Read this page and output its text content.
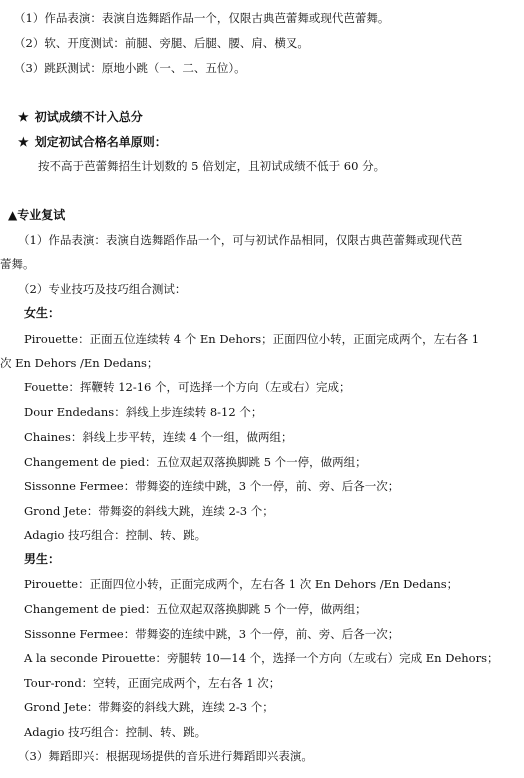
（1）作品表演：表演自选舞蹈作品一个，仅限古典芭蕾舞或现代芭蕾舞。
（2）软、开度测试：前腿、旁腿、后腿、腰、肩、横叉。
（3）跳跃测试：原地小跳（一、二、五位）。
★ 初试成绩不计入总分
★ 划定初试合格名单原则：
按不高于芭蕾舞招生计划数的 5 倍划定，且初试成绩不低于 60 分。
▲专业复试
（1）作品表演：表演自选舞蹈作品一个，可与初试作品相同，仅限古典芭蕾舞或现代芭
蕾舞。
（2）专业技巧及技巧组合测试：
女生：
Pirouette：正面五位连续转 4 个 En Dehors；正面四位小转，正面完成两个，左右各 1
次 En Dehors /En Dedans；
Fouette：挥鞭转 12-16 个，可选择一个方向（左或右）完成；
Dour Endedans：斜线上步连续转 8-12 个；
Chaines：斜线上步平转，连续 4 个一组，做两组；
Changement de pied：五位双起双落换脚跳 5 个一停，做两组；
Sissonne Fermee：带舞姿的连续中跳，3 个一停，前、旁、后各一次；
Grond Jete：带舞姿的斜线大跳，连续 2-3 个；
Adagio 技巧组合：控制、转、跳。
男生：
Pirouette：正面四位小转，正面完成两个，左右各 1 次 En Dehors /En Dedans；
Changement de pied：五位双起双落换脚跳 5 个一停，做两组；
Sissonne Fermee：带舞姿的连续中跳，3 个一停，前、旁、后各一次；
A la seconde Pirouette：旁腿转 10—14 个，选择一个方向（左或右）完成 En Dehors；
Tour-rond：空转，正面完成两个，左右各 1 次；
Grond Jete：带舞姿的斜线大跳，连续 2-3 个；
Adagio 技巧组合：控制、转、跳。
（3）舞蹈即兴：根据现场提供的音乐进行舞蹈即兴表演。
